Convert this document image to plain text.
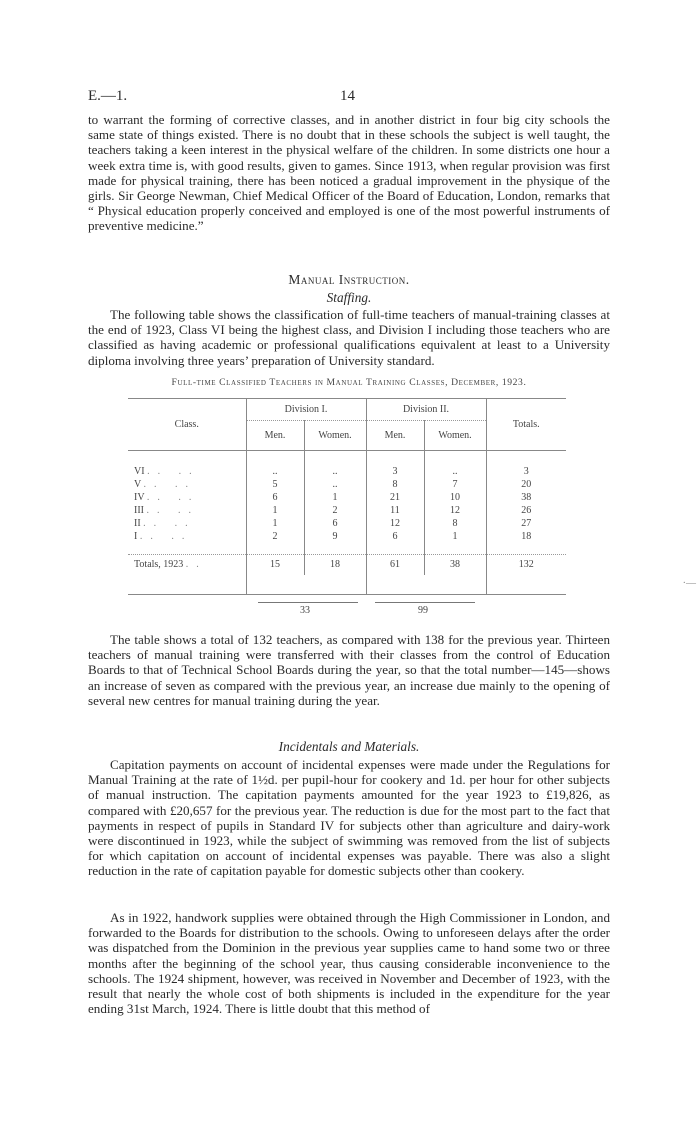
E.—1.	14

to warrant the forming of corrective classes, and in another district in four big city schools the same state of things existed. There is no doubt that in these schools the subject is well taught, the teachers taking a keen interest in the physical welfare of the children. In some districts one hour a week extra time is, with good results, given to games. Since 1913, when regular provision was first made for physical training, there has been noticed a gradual improvement in the physique of the girls. Sir George Newman, Chief Medical Officer of the Board of Education, London, remarks that “ Physical education properly conceived and employed is one of the most powerful instruments of preventive medicine.”

Manual Instruction.
Staffing.

The following table shows the classification of full-time teachers of manual-training classes at the end of 1923, Class VI being the highest class, and Division I including those teachers who are classified as having academic or professional qualifications equivalent at least to a University diploma involving three years’ preparation of University standard.

Full-time Classified Teachers in Manual Training Classes, December, 1923.
Class.	Division I.		Division II.		Totals.
	Men.	Women.	Men.	Women.	

VI .. ..	..	..	3	..	3
V .. ..	5	..	8	7	20
IV .. ..	6	1	21	10	38
III .. ..	1	2	11	12	26
II .. ..	1	6	12	8	27
I .. ..	2	9	6	1	18

Totals, 1923 ..	15	18	61	38	132

33	99

The table shows a total of 132 teachers, as compared with 138 for the previous year. Thirteen teachers of manual training were transferred with their classes from the control of Education Boards to that of Technical School Boards during the year, so that the total number—145—shows an increase of seven as compared with the previous year, an increase due mainly to the opening of several new centres for manual training during the year.

Incidentals and Materials.

Capitation payments on account of incidental expenses were made under the Regulations for Manual Training at the rate of 1½d. per pupil-hour for cookery and 1d. per hour for other subjects of manual instruction. The capitation payments amounted for the year 1923 to £19,826, as compared with £20,657 for the previous year. The reduction is due for the most part to the fact that payments in respect of pupils in Standard IV for subjects other than agriculture and dairy-work were discontinued in 1923, while the subject of swimming was removed from the list of subjects for which capitation on account of incidental expenses was payable. There was also a slight reduction in the rate of capitation payable for domestic subjects other than cookery.

As in 1922, handwork supplies were obtained through the High Commissioner in London, and forwarded to the Boards for distribution to the schools. Owing to unforeseen delays after the order was dispatched from the Dominion in the previous year supplies came to hand some two or three months after the beginning of the school year, thus causing considerable inconvenience to the schools. The 1924 shipment, however, was received in November and December of 1923, with the result that nearly the whole cost of both shipments is included in the expenditure for the year ending 31st March, 1924. There is little doubt that this method of

·—
